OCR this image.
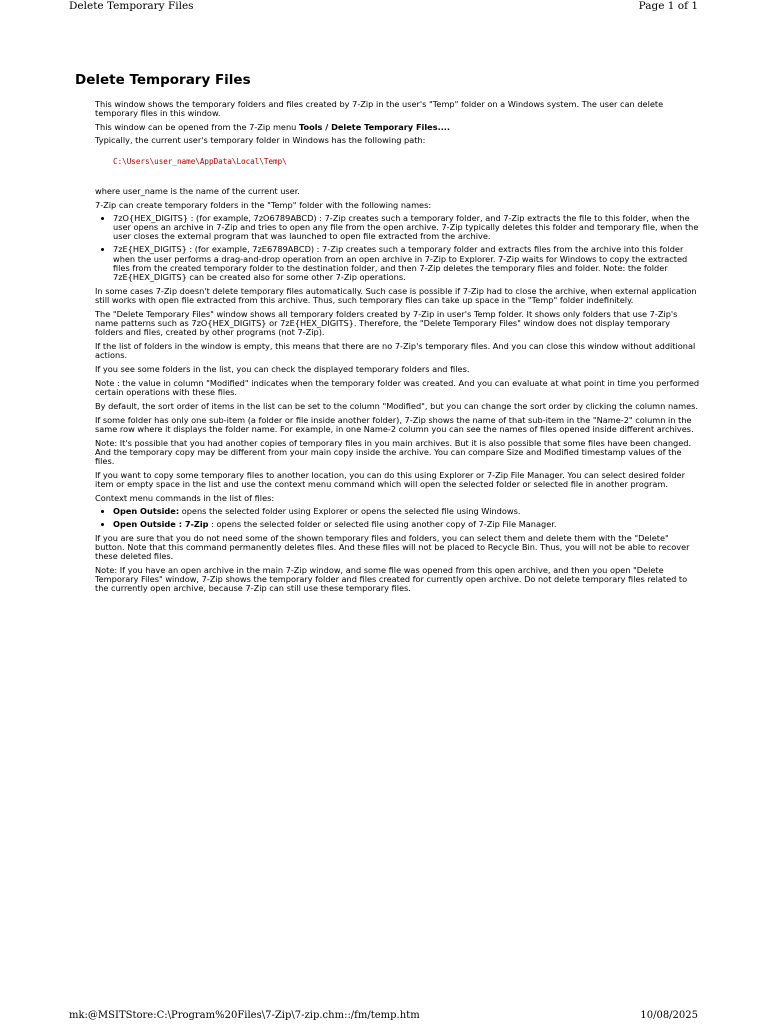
Delete Temporary Files	Page 1 of 1
Delete Temporary Files

This window shows the temporary folders and files created by 7-Zip in the user's "Temp" folder on a Windows system. The user can delete temporary files in this window.

This window can be opened from the 7-Zip menu Tools / Delete Temporary Files....

Typically, the current user's temporary folder in Windows has the following path:

C:\Users\user_name\AppData\Local\Temp\

where user_name is the name of the current user.

7-Zip can create temporary folders in the "Temp" folder with the following names:

• 7zO{HEX_DIGITS} : (for example, 7zO6789ABCD) : 7-Zip creates such a temporary folder, and 7-Zip extracts the file to this folder, when the user opens an archive in 7-Zip and tries to open any file from the open archive. 7-Zip typically deletes this folder and temporary file, when the user closes the external program that was launched to open file extracted from the archive.
• 7zE{HEX_DIGITS} : (for example, 7zE6789ABCD) : 7-Zip creates such a temporary folder and extracts files from the archive into this folder when the user performs a drag-and-drop operation from an open archive in 7-Zip to Explorer. 7-Zip waits for Windows to copy the extracted files from the created temporary folder to the destination folder, and then 7-Zip deletes the temporary files and folder. Note: the folder 7zE{HEX_DIGITS} can be created also for some other 7-Zip operations.

In some cases 7-Zip doesn't delete temporary files automatically. Such case is possible if 7-Zip had to close the archive, when external application still works with open file extracted from this archive. Thus, such temporary files can take up space in the "Temp" folder indefinitely.

The "Delete Temporary Files" window shows all temporary folders created by 7-Zip in user's Temp folder. It shows only folders that use 7-Zip's name patterns such as 7zO{HEX_DIGITS} or 7zE{HEX_DIGITS}. Therefore, the "Delete Temporary Files" window does not display temporary folders and files, created by other programs (not 7-Zip).

If the list of folders in the window is empty, this means that there are no 7-Zip's temporary files. And you can close this window without additional actions.

If you see some folders in the list, you can check the displayed temporary folders and files.

Note : the value in column "Modified" indicates when the temporary folder was created. And you can evaluate at what point in time you performed certain operations with these files.

By default, the sort order of items in the list can be set to the column "Modified", but you can change the sort order by clicking the column names.

If some folder has only one sub-item (a folder or file inside another folder), 7-Zip shows the name of that sub-item in the "Name-2" column in the same row where it displays the folder name. For example, in one Name-2 column you can see the names of files opened inside different archives.

Note: It's possible that you had another copies of temporary files in you main archives. But it is also possible that some files have been changed. And the temporary copy may be different from your main copy inside the archive. You can compare Size and Modified timestamp values of the files.

If you want to copy some temporary files to another location, you can do this using Explorer or 7-Zip File Manager. You can select desired folder item or empty space in the list and use the context menu command which will open the selected folder or selected file in another program.

Context menu commands in the list of files:

• Open Outside: opens the selected folder using Explorer or opens the selected file using Windows.
• Open Outside : 7-Zip : opens the selected folder or selected file using another copy of 7-Zip File Manager.

If you are sure that you do not need some of the shown temporary files and folders, you can select them and delete them with the "Delete" button. Note that this command permanently deletes files. And these files will not be placed to Recycle Bin. Thus, you will not be able to recover these deleted files.

Note: If you have an open archive in the main 7-Zip window, and some file was opened from this open archive, and then you open "Delete Temporary Files" window, 7-Zip shows the temporary folder and files created for currently open archive. Do not delete temporary files related to the currently open archive, because 7-Zip can still use these temporary files.

mk:@MSITStore:C:\Program%20Files\7-Zip\7-zip.chm::/fm/temp.htm	10/08/2025
